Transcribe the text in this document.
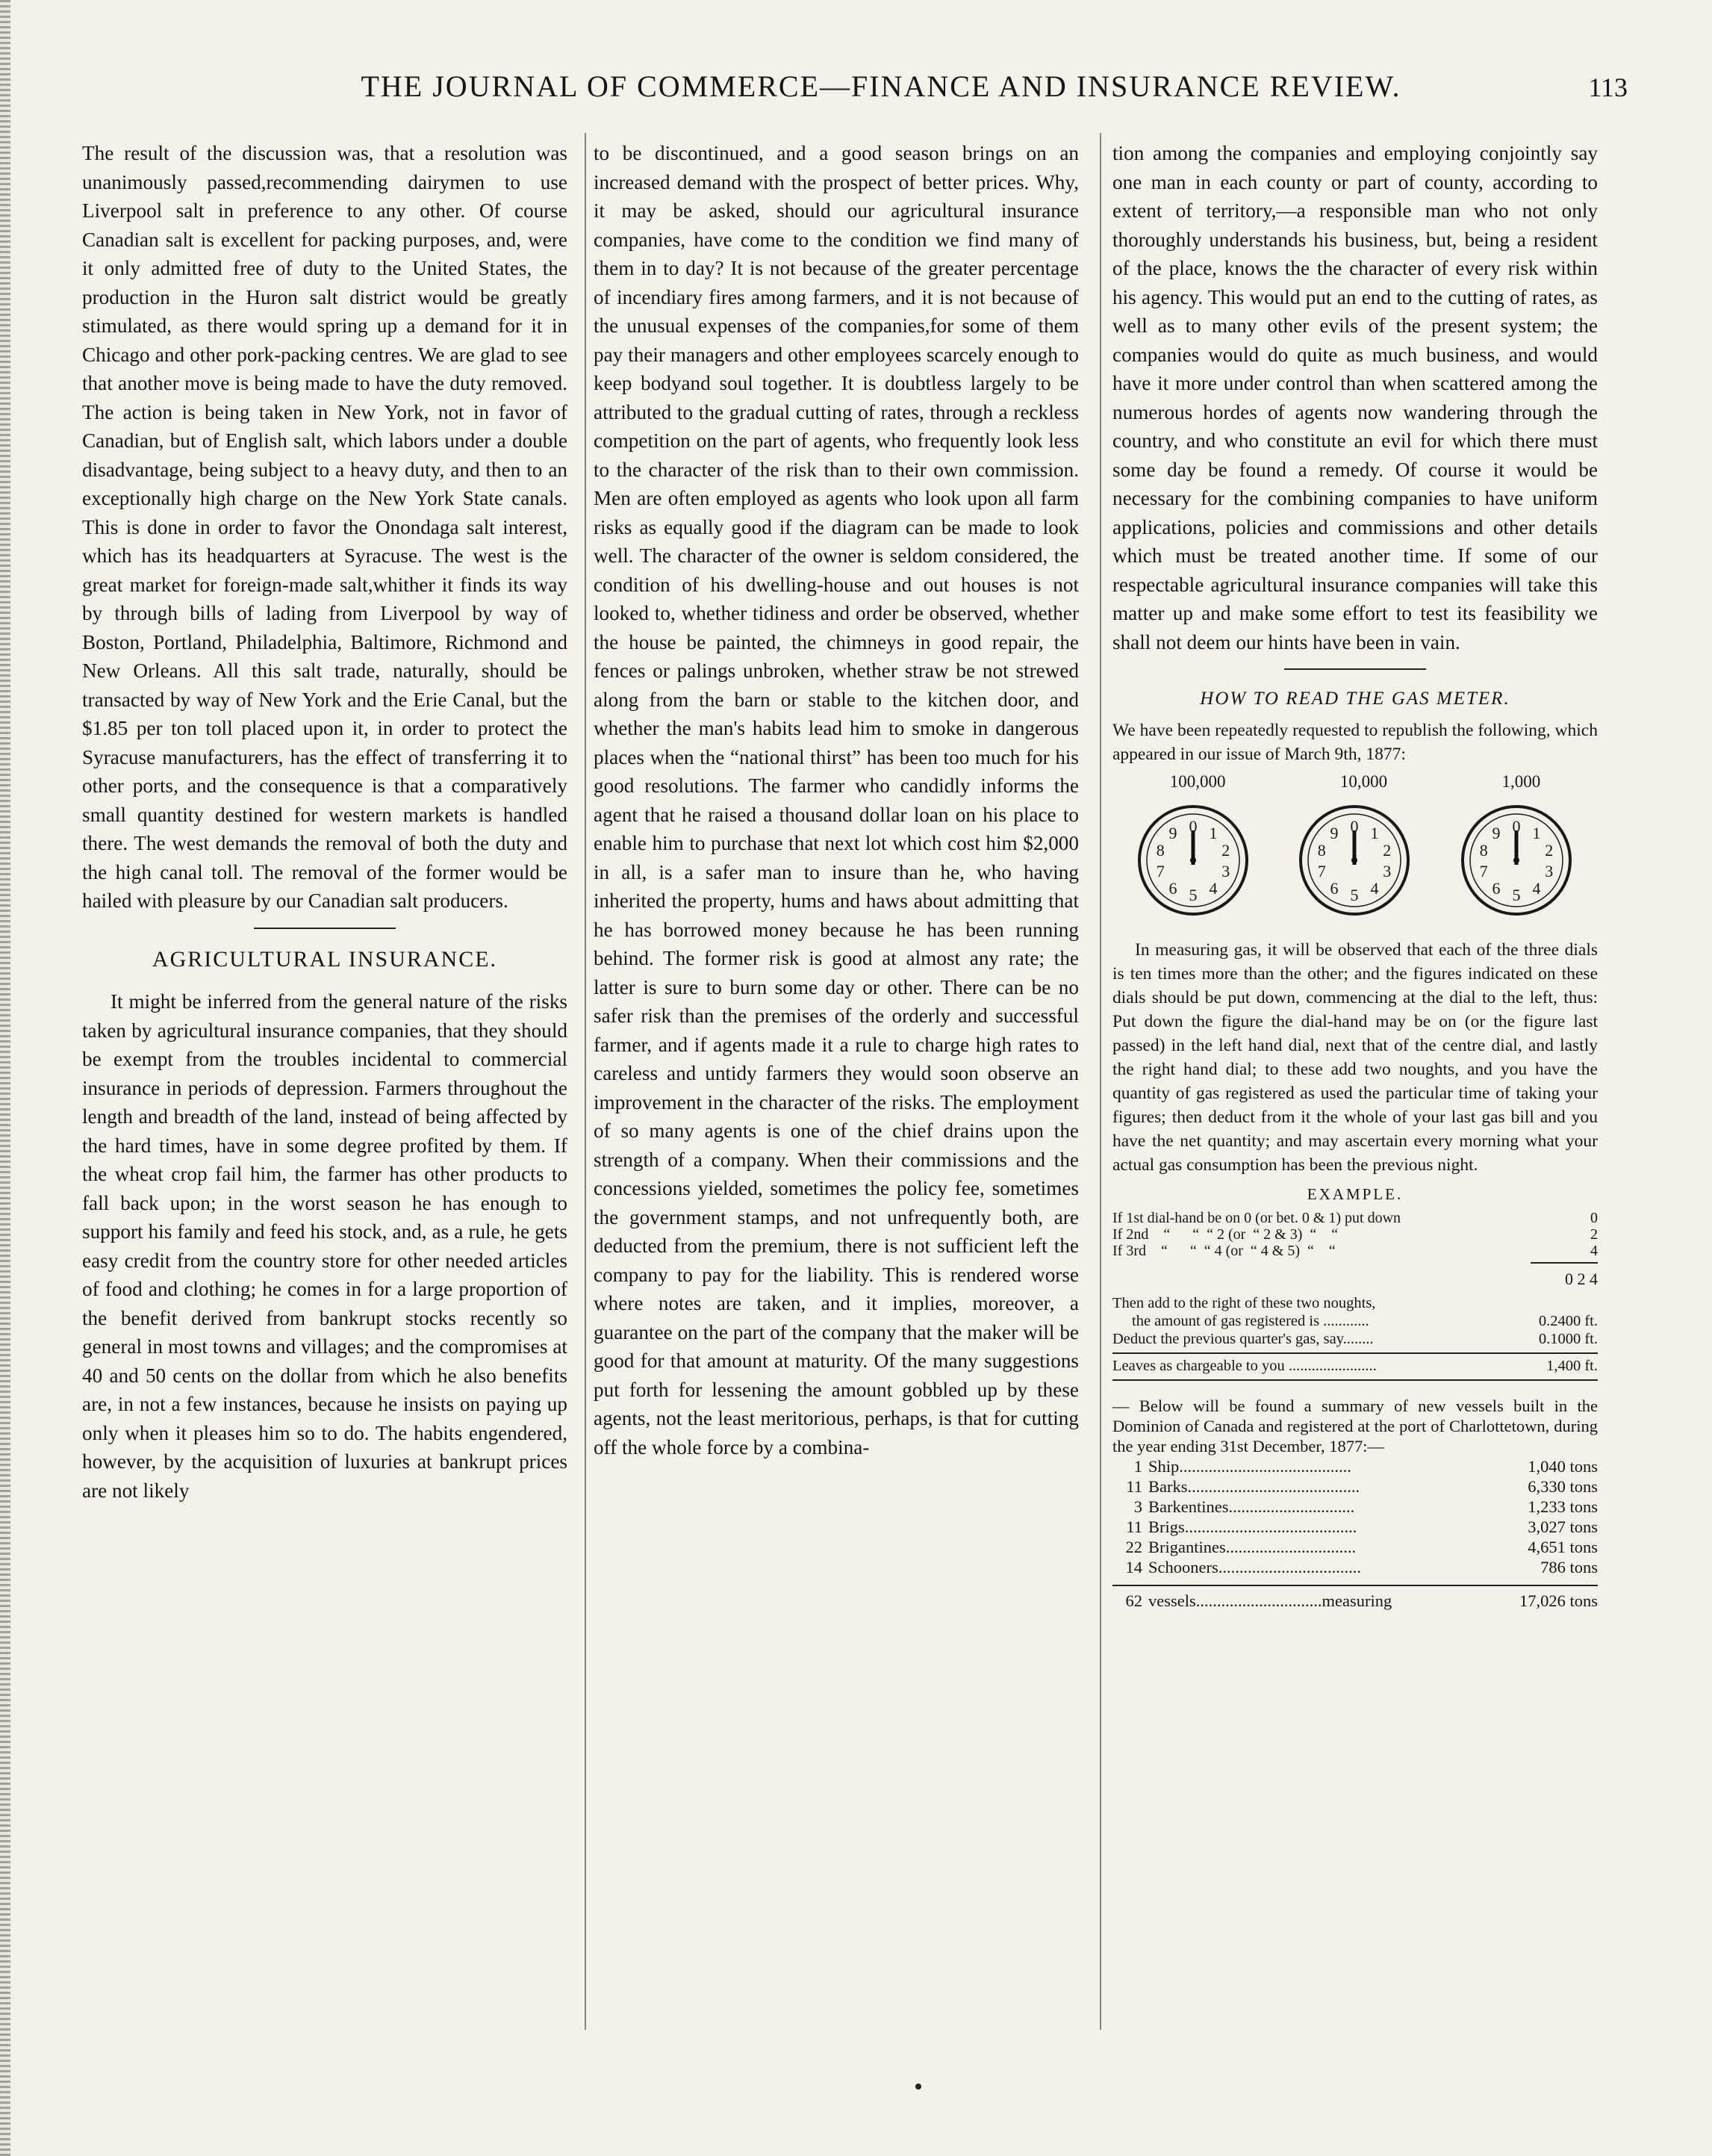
THE JOURNAL OF COMMERCE—FINANCE AND INSURANCE REVIEW.	113

The result of the discussion was, that a resolution was unanimously passed,recommending dairymen to use Liverpool salt in preference to any other. Of course Canadian salt is excellent for packing purposes, and, were it only admitted free of duty to the United States, the production in the Huron salt district would be greatly stimulated, as there would spring up a demand for it in Chicago and other pork-packing centres. We are glad to see that another move is being made to have the duty removed. The action is being taken in New York, not in favor of Canadian, but of English salt, which labors under a double disadvantage, being subject to a heavy duty, and then to an exceptionally high charge on the New York State canals. This is done in order to favor the Onondaga salt interest, which has its headquarters at Syracuse. The west is the great market for foreign-made salt,whither it finds its way by through bills of lading from Liverpool by way of Boston, Portland, Philadelphia, Baltimore, Richmond and New Orleans. All this salt trade, naturally, should be transacted by way of New York and the Erie Canal, but the $1.85 per ton toll placed upon it, in order to protect the Syracuse manufacturers, has the effect of transferring it to other ports, and the consequence is that a comparatively small quantity destined for western markets is handled there. The west demands the removal of both the duty and the high canal toll. The removal of the former would be hailed with pleasure by our Canadian salt producers.

AGRICULTURAL INSURANCE.

It might be inferred from the general nature of the risks taken by agricultural insurance companies, that they should be exempt from the troubles incidental to commercial insurance in periods of depression. Farmers throughout the length and breadth of the land, instead of being affected by the hard times, have in some degree profited by them. If the wheat crop fail him, the farmer has other products to fall back upon; in the worst season he has enough to support his family and feed his stock, and, as a rule, he gets easy credit from the country store for other needed articles of food and clothing; he comes in for a large proportion of the benefit derived from bankrupt stocks recently so general in most towns and villages; and the compromises at 40 and 50 cents on the dollar from which he also benefits are, in not a few instances, because he insists on paying up only when it pleases him so to do. The habits engendered, however, by the acquisition of luxuries at bankrupt prices are not likely

to be discontinued, and a good season brings on an increased demand with the prospect of better prices. Why, it may be asked, should our agricultural insurance companies, have come to the condition we find many of them in to day? It is not because of the greater percentage of incendiary fires among farmers, and it is not because of the unusual expenses of the companies,for some of them pay their managers and other employees scarcely enough to keep bodyand soul together. It is doubtless largely to be attributed to the gradual cutting of rates, through a reckless competition on the part of agents, who frequently look less to the character of the risk than to their own commission. Men are often employed as agents who look upon all farm risks as equally good if the diagram can be made to look well. The character of the owner is seldom considered, the condition of his dwelling-house and out houses is not looked to, whether tidiness and order be observed, whether the house be painted, the chimneys in good repair, the fences or palings unbroken, whether straw be not strewed along from the barn or stable to the kitchen door, and whether the man's habits lead him to smoke in dangerous places when the “national thirst” has been too much for his good resolutions. The farmer who candidly informs the agent that he raised a thousand dollar loan on his place to enable him to purchase that next lot which cost him $2,000 in all, is a safer man to insure than he, who having inherited the property, hums and haws about admitting that he has borrowed money because he has been running behind. The former risk is good at almost any rate; the latter is sure to burn some day or other. There can be no safer risk than the premises of the orderly and successful farmer, and if agents made it a rule to charge high rates to careless and untidy farmers they would soon observe an improvement in the character of the risks. The employment of so many agents is one of the chief drains upon the strength of a company. When their commissions and the concessions yielded, sometimes the policy fee, sometimes the government stamps, and not unfrequently both, are deducted from the premium, there is not sufficient left the company to pay for the liability. This is rendered worse where notes are taken, and it implies, moreover, a guarantee on the part of the company that the maker will be good for that amount at maturity. Of the many suggestions put forth for lessening the amount gobbled up by these agents, not the least meritorious, perhaps, is that for cutting off the whole force by a combina-

tion among the companies and employing conjointly say one man in each county or part of county, according to extent of territory,—a responsible man who not only thoroughly understands his business, but, being a resident of the place, knows the the character of every risk within his agency. This would put an end to the cutting of rates, as well as to many other evils of the present system; the companies would do quite as much business, and would have it more under control than when scattered among the numerous hordes of agents now wandering through the country, and who constitute an evil for which there must some day be found a remedy. Of course it would be necessary for the combining companies to have uniform applications, policies and commissions and other details which must be treated another time. If some of our respectable agricultural insurance companies will take this matter up and make some effort to test its feasibility we shall not deem our hints have been in vain.

HOW TO READ THE GAS METER.
We have been repeatedly requested to republish the following, which appeared in our issue of March 9th, 1877:
100,000	10,000	1,000
0 1
2
3
4
5
6
7
8
9	0 1
2
3
4
5
6
7
8
9	0 1
2
3
4
5
6
7
8
9
In measuring gas, it will be observed that each of the three dials is ten times more than the other; and the figures indicated on these dials should be put down, commencing at the dial to the left, thus: Put down the figure the dial-hand may be on (or the figure last passed) in the left hand dial, next that of the centre dial, and lastly the right hand dial; to these add two noughts, and you have the quantity of gas registered as used the particular time of taking your figures; then deduct from it the whole of your last gas bill and you have the net quantity; and may ascertain every morning what your actual gas consumption has been the previous night.
EXAMPLE.
If 1st dial-hand be on 0 (or bet. 0 & 1) put down	0
If 2nd    “      “  “ 2 (or  “ 2 & 3)  “    “	2
If 3rd    “      “  “ 4 (or  “ 4 & 5)  “    “	4
0 2 4
Then add to the right of these two noughts,
the amount of gas registered is ............	0.2400 ft.
Deduct the previous quarter's gas, say........	0.1000 ft.
Leaves as chargeable to you .......................	1,400 ft.
— Below will be found a summary of new vessels built in the Dominion of Canada and registered at the port of Charlottetown, during the year ending 31st December, 1877:—
1 Ship.........................................	1,040 tons
11 Barks.........................................	6,330 tons
3 Barkentines..............................	1,233 tons
11 Brigs.........................................	3,027 tons
22 Brigantines...............................	4,651 tons
14 Schooners..................................	786 tons
62 vessels..............................measuring	17,026 tons
